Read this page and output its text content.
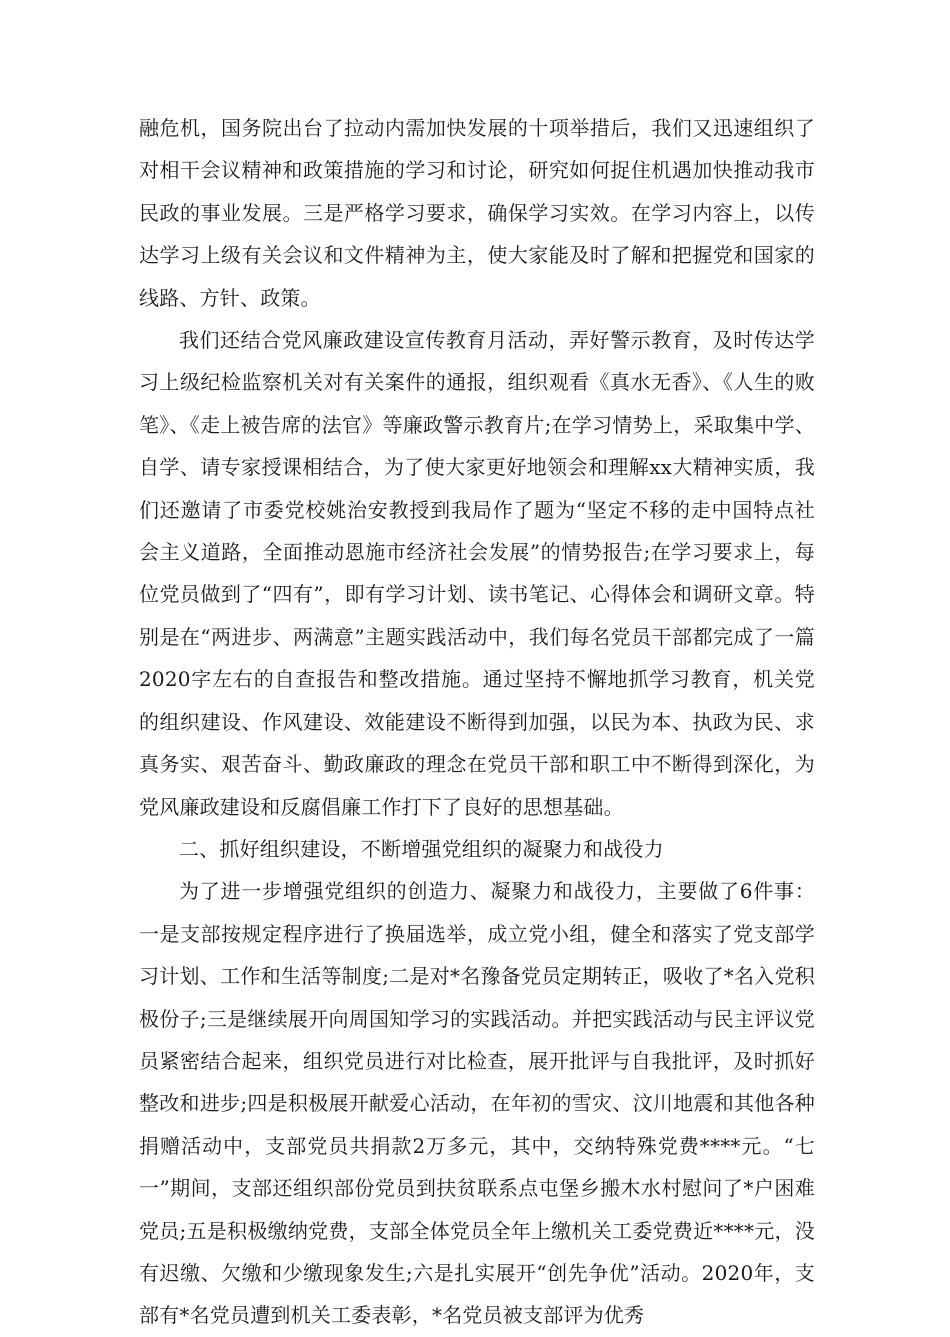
融危机，国务院出台了拉动内需加快发展的十项举措后，我们又迅速组织了对相干会议精神和政策措施的学习和讨论，研究如何捉住机遇加快推动我市民政的事业发展。三是严格学习要求，确保学习实效。在学习内容上，以传达学习上级有关会议和文件精神为主，使大家能及时了解和把握党和国家的线路、方针、政策。

我们还结合党风廉政建设宣传教育月活动，弄好警示教育，及时传达学习上级纪检监察机关对有关案件的通报，组织观看《真水无香》、《人生的败笔》、《走上被告席的法官》等廉政警示教育片;在学习情势上，采取集中学、自学、请专家授课相结合，为了使大家更好地领会和理解xx大精神实质，我们还邀请了市委党校姚治安教授到我局作了题为“坚定不移的走中国特点社会主义道路，全面推动恩施市经济社会发展”的情势报告;在学习要求上，每位党员做到了“四有”，即有学习计划、读书笔记、心得体会和调研文章。特别是在“两进步、两满意”主题实践活动中，我们每名党员干部都完成了一篇2020字左右的自查报告和整改措施。通过坚持不懈地抓学习教育，机关党的组织建设、作风建设、效能建设不断得到加强，以民为本、执政为民、求真务实、艰苦奋斗、勤政廉政的理念在党员干部和职工中不断得到深化，为党风廉政建设和反腐倡廉工作打下了良好的思想基础。

二、抓好组织建设，不断增强党组织的凝聚力和战役力

为了进一步增强党组织的创造力、凝聚力和战役力，主要做了6件事：一是支部按规定程序进行了换届选举，成立党小组，健全和落实了党支部学习计划、工作和生活等制度;二是对*名豫备党员定期转正，吸收了*名入党积极份子;三是继续展开向周国知学习的实践活动。并把实践活动与民主评议党员紧密结合起来，组织党员进行对比检查，展开批评与自我批评，及时抓好整改和进步;四是积极展开献爱心活动，在年初的雪灾、汶川地震和其他各种捐赠活动中，支部党员共捐款2万多元，其中，交纳特殊党费****元。“七一”期间，支部还组织部份党员到扶贫联系点屯堡乡搬木水村慰问了*户困难党员;五是积极缴纳党费，支部全体党员全年上缴机关工委党费近****元，没有迟缴、欠缴和少缴现象发生;六是扎实展开“创先争优”活动。2020年，支部有*名党员遭到机关工委表彰，*名党员被支部评为优秀
